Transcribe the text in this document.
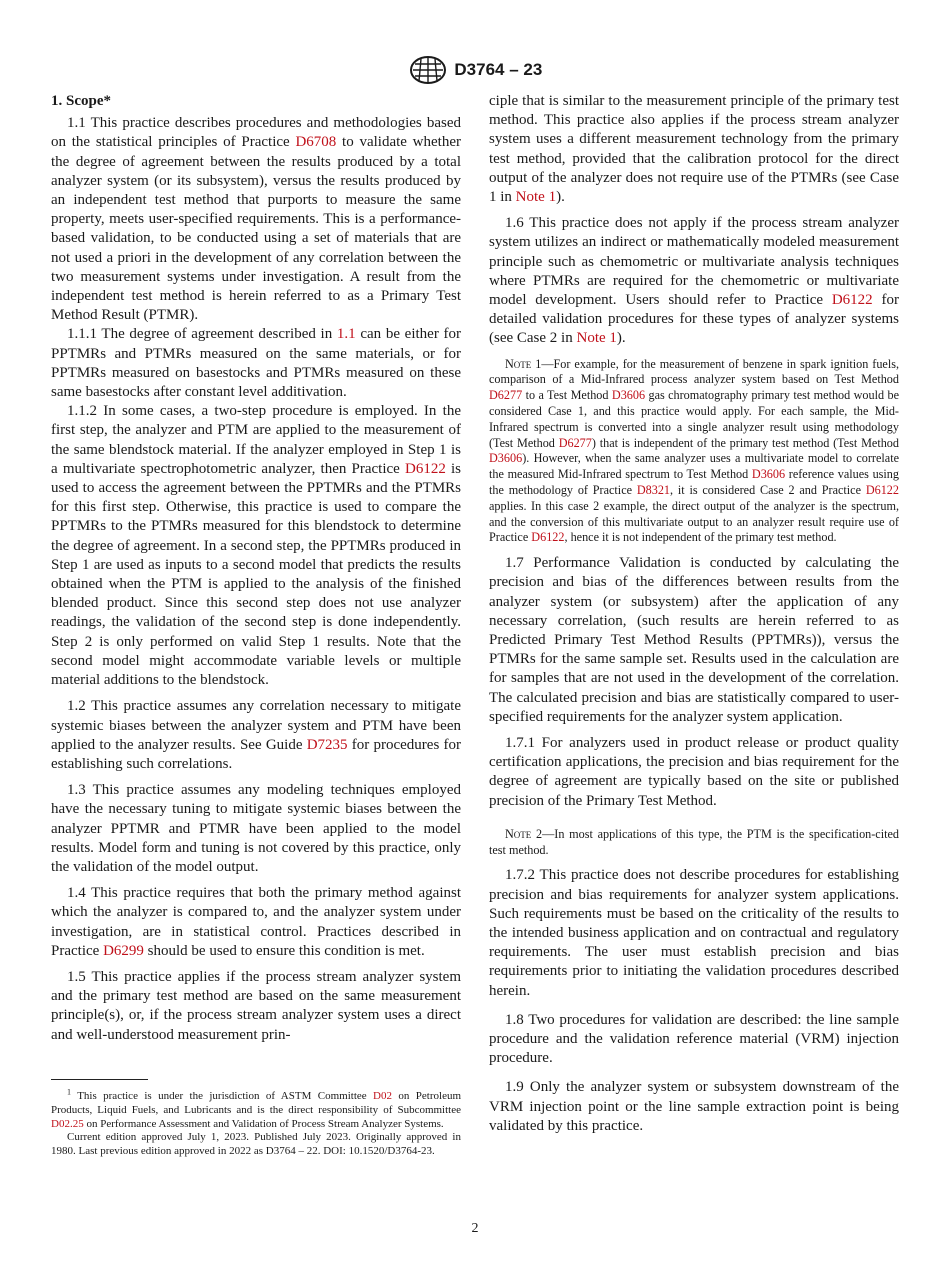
D3764 – 23

1. Scope*

1.1 This practice describes procedures and methodologies based on the statistical principles of Practice D6708 to validate whether the degree of agreement between the results produced by a total analyzer system (or its subsystem), versus the results produced by an independent test method that purports to measure the same property, meets user-specified requirements. This is a performance-based validation, to be conducted using a set of materials that are not used a priori in the development of any correlation between the two measurement systems under investigation. A result from the independent test method is herein referred to as a Primary Test Method Result (PTMR).

1.1.1 The degree of agreement described in 1.1 can be either for PPTMRs and PTMRs measured on the same materials, or for PPTMRs measured on basestocks and PTMRs measured on these same basestocks after constant level additivation.

1.1.2 In some cases, a two-step procedure is employed. In the first step, the analyzer and PTM are applied to the measurement of the same blendstock material. If the analyzer employed in Step 1 is a multivariate spectrophotometric analyzer, then Practice D6122 is used to access the agreement between the PPTMRs and the PTMRs for this first step. Otherwise, this practice is used to compare the PPTMRs to the PTMRs measured for this blendstock to determine the degree of agreement. In a second step, the PPTMRs produced in Step 1 are used as inputs to a second model that predicts the results obtained when the PTM is applied to the analysis of the finished blended product. Since this second step does not use analyzer readings, the validation of the second step is done independently. Step 2 is only performed on valid Step 1 results. Note that the second model might accommodate variable levels or multiple material additions to the blendstock.

1.2 This practice assumes any correlation necessary to mitigate systemic biases between the analyzer system and PTM have been applied to the analyzer results. See Guide D7235 for procedures for establishing such correlations.

1.3 This practice assumes any modeling techniques employed have the necessary tuning to mitigate systemic biases between the analyzer PPTMR and PTMR have been applied to the model results. Model form and tuning is not covered by this practice, only the validation of the model output.

1.4 This practice requires that both the primary method against which the analyzer is compared to, and the analyzer system under investigation, are in statistical control. Practices described in Practice D6299 should be used to ensure this condition is met.

1.5 This practice applies if the process stream analyzer system and the primary test method are based on the same measurement principle(s), or, if the process stream analyzer system uses a direct and well-understood measurement prin-

ciple that is similar to the measurement principle of the primary test method. This practice also applies if the process stream analyzer system uses a different measurement technology from the primary test method, provided that the calibration protocol for the direct output of the analyzer does not require use of the PTMRs (see Case 1 in Note 1).

1.6 This practice does not apply if the process stream analyzer system utilizes an indirect or mathematically modeled measurement principle such as chemometric or multivariate analysis techniques where PTMRs are required for the chemometric or multivariate model development. Users should refer to Practice D6122 for detailed validation procedures for these types of analyzer systems (see Case 2 in Note 1).

Note 1—For example, for the measurement of benzene in spark ignition fuels, comparison of a Mid-Infrared process analyzer system based on Test Method D6277 to a Test Method D3606 gas chromatography primary test method would be considered Case 1, and this practice would apply. For each sample, the Mid-Infrared spectrum is converted into a single analyzer result using methodology (Test Method D6277) that is independent of the primary test method (Test Method D3606). However, when the same analyzer uses a multivariate model to correlate the measured Mid-Infrared spectrum to Test Method D3606 reference values using the methodology of Practice D8321, it is considered Case 2 and Practice D6122 applies. In this case 2 example, the direct output of the analyzer is the spectrum, and the conversion of this multivariate output to an analyzer result require use of Practice D6122, hence it is not independent of the primary test method.

1.7 Performance Validation is conducted by calculating the precision and bias of the differences between results from the analyzer system (or subsystem) after the application of any necessary correlation, (such results are herein referred to as Predicted Primary Test Method Results (PPTMRs)), versus the PTMRs for the same sample set. Results used in the calculation are for samples that are not used in the development of the correlation. The calculated precision and bias are statistically compared to user-specified requirements for the analyzer system application.

1.7.1 For analyzers used in product release or product quality certification applications, the precision and bias requirement for the degree of agreement are typically based on the site or published precision of the Primary Test Method.

Note 2—In most applications of this type, the PTM is the specification-cited test method.

1.7.2 This practice does not describe procedures for establishing precision and bias requirements for analyzer system applications. Such requirements must be based on the criticality of the results to the intended business application and on contractual and regulatory requirements. The user must establish precision and bias requirements prior to initiating the validation procedures described herein.

1.8 Two procedures for validation are described: the line sample procedure and the validation reference material (VRM) injection procedure.

1.9 Only the analyzer system or subsystem downstream of the VRM injection point or the line sample extraction point is being validated by this practice.

$^1$ This practice is under the jurisdiction of ASTM Committee D02 on Petroleum Products, Liquid Fuels, and Lubricants and is the direct responsibility of Subcommittee D02.25 on Performance Assessment and Validation of Process Stream Analyzer Systems.

Current edition approved July 1, 2023. Published July 2023. Originally approved in 1980. Last previous edition approved in 2022 as D3764 – 22. DOI: 10.1520/D3764-23.

2
